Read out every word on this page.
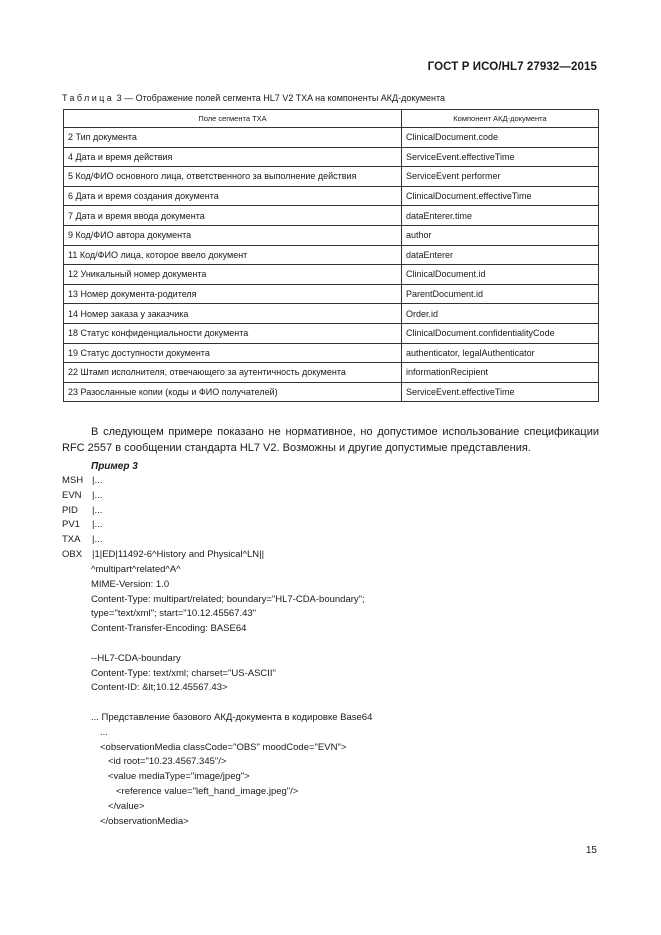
ГОСТ Р ИСО/HL7 27932—2015
Таблица 3 — Отображение полей сегмента HL7 V2 TXA на компоненты АКД-документа
Поле сегмента TXA	Компонент АКД-документа
2 Тип документа	ClinicalDocument.code
4 Дата и время действия	ServiceEvent.effectiveTime
5 Код/ФИО основного лица, ответственного за выполнение действия	ServiceEvent performer
6 Дата и время создания документа	ClinicalDocument.effectiveTime
7 Дата и время ввода документа	dataEnterer.time
9 Код/ФИО автора документа	author
11 Код/ФИО лица, которое ввело документ	dataEnterer
12 Уникальный номер документа	ClinicalDocument.id
13 Номер документа-родителя	ParentDocument.id
14 Номер заказа у заказчика	Order.id
18 Статус конфиденциальности документа	ClinicalDocument.confidentialityCode
19 Статус доступности документа	authenticator, legalAuthenticator
22 Штамп исполнителя, отвечающего за аутентичность документа	informationRecipient
23 Разосланные копии (коды и ФИО получателей)	ServiceEvent.effectiveTime
В следующем примере показано не нормативное, но допустимое использование спецификации RFC 2557 в сообщении стандарта HL7 V2. Возможны и другие допустимые представления.
Пример 3
MSH |...
EVN |...
PID |...
PV1 |...
TXA |...
OBX |1|ED|11492-6^History and Physical^LN||
^multipart^related^A^
MIME-Version: 1.0
Content-Type: multipart/related; boundary="HL7-CDA-boundary";
type="text/xml"; start="10.12.45567.43"
Content-Transfer-Encoding: BASE64
--HL7-CDA-boundary
Content-Type: text/xml; charset="US-ASCII"
Content-ID: &lt;10.12.45567.43>
... Представление базового АКД-документа в кодировке Base64
...
<observationMedia classCode="OBS" moodCode="EVN">
<id root="10.23.4567.345"/>
<value mediaType="image/jpeg">
<reference value="left_hand_image.jpeg"/>
</value>
</observationMedia>
15
